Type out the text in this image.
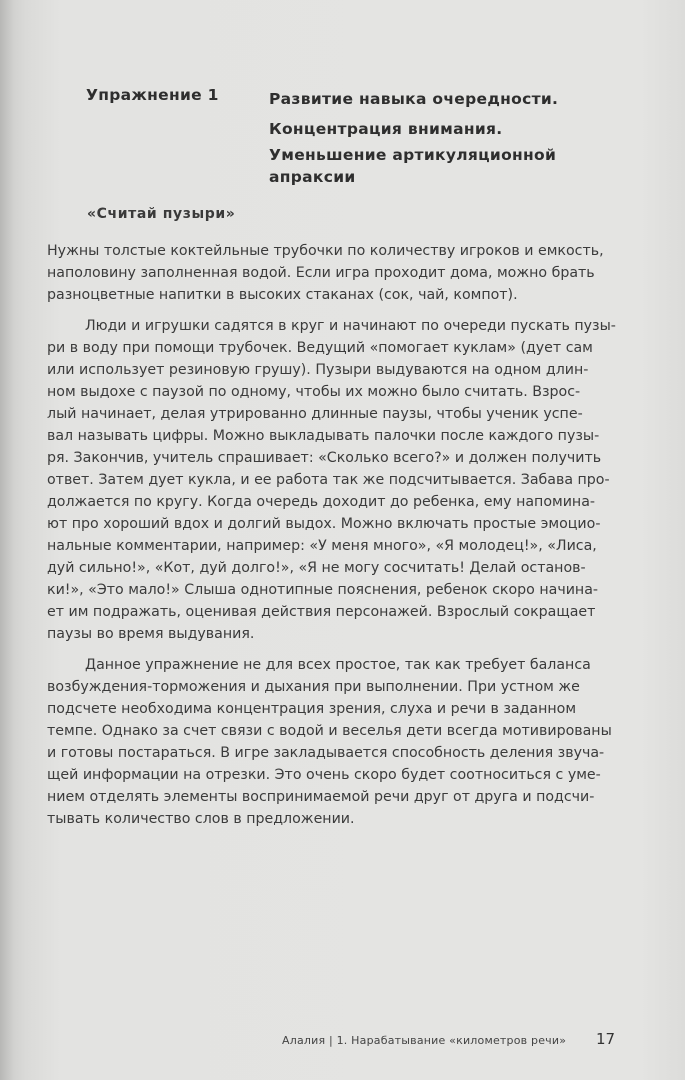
Упражнение 1	Развитие навыка очередности.
Концентрация внимания.
Уменьшение артикуляционной
апраксии
«Считай пузыри»

Нужны толстые коктейльные трубочки по количеству игроков и емкость,
наполовину заполненная водой. Если игра проходит дома, можно брать
разноцветные напитки в высоких стаканах (сок, чай, компот).

Люди и игрушки садятся в круг и начинают по очереди пускать пузы-
ри в воду при помощи трубочек. Ведущий «помогает куклам» (дует сам
или использует резиновую грушу). Пузыри выдуваются на одном длин-
ном выдохе с паузой по одному, чтобы их можно было считать. Взрос-
лый начинает, делая утрированно длинные паузы, чтобы ученик успе-
вал называть цифры. Можно выкладывать палочки после каждого пузы-
ря. Закончив, учитель спрашивает: «Сколько всего?» и должен получить
ответ. Затем дует кукла, и ее работа так же подсчитывается. Забава про-
должается по кругу. Когда очередь доходит до ребенка, ему напомина-
ют про хороший вдох и долгий выдох. Можно включать простые эмоцио-
нальные комментарии, например: «У меня много», «Я молодец!», «Лиса,
дуй сильно!», «Кот, дуй долго!», «Я не могу сосчитать! Делай останов-
ки!», «Это мало!» Слыша однотипные пояснения, ребенок скоро начина-
ет им подражать, оценивая действия персонажей. Взрослый сокращает
паузы во время выдувания.

Данное упражнение не для всех простое, так как требует баланса
возбуждения-торможения и дыхания при выполнении. При устном же
подсчете необходима концентрация зрения, слуха и речи в заданном
темпе. Однако за счет связи с водой и веселья дети всегда мотивированы
и готовы постараться. В игре закладывается способность деления звуча-
щей информации на отрезки. Это очень скоро будет соотноситься с уме-
нием отделять элементы воспринимаемой речи друг от друга и подсчи-
тывать количество слов в предложении.

Алалия | 1. Нарабатывание «километров речи» 17
